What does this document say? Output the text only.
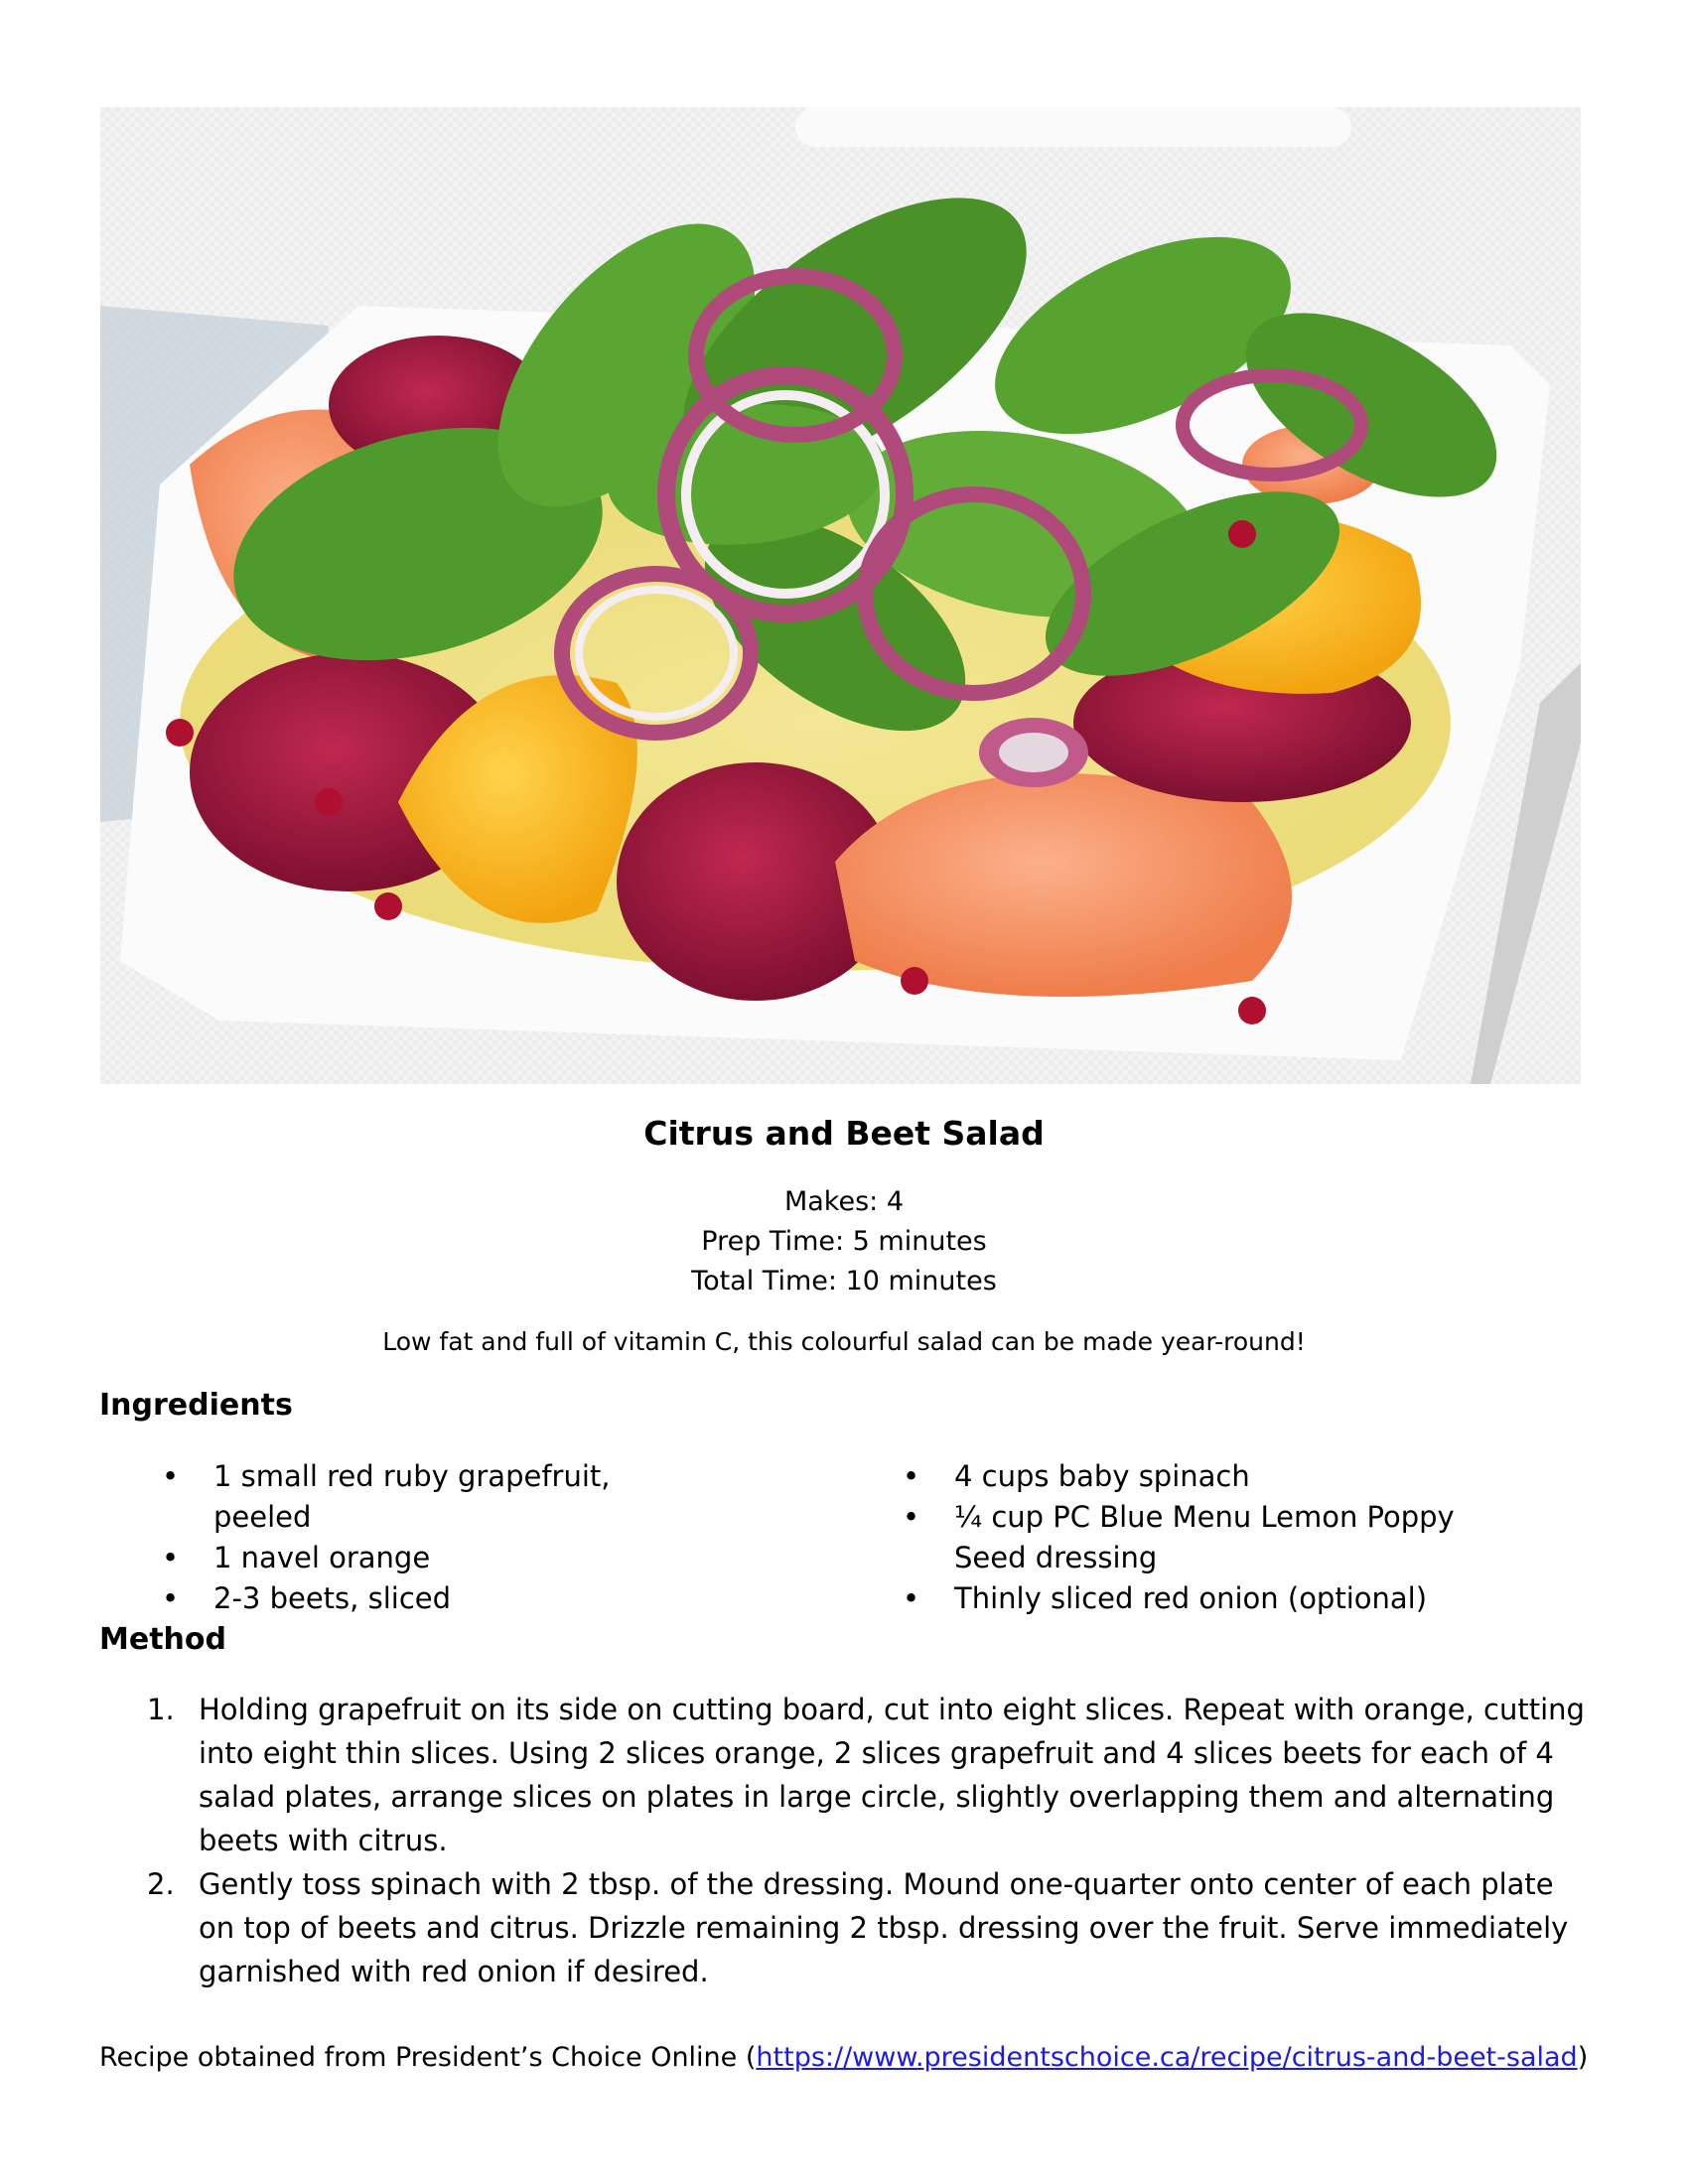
Citrus and Beet Salad
Makes: 4
Prep Time: 5 minutes
Total Time: 10 minutes
Low fat and full of vitamin C, this colourful salad can be made year-round!
Ingredients
• 1 small red ruby grapefruit, peeled
• 1 navel orange
• 2-3 beets, sliced
• 4 cups baby spinach
• ¼ cup PC Blue Menu Lemon Poppy Seed dressing
• Thinly sliced red onion (optional)
Method
1. Holding grapefruit on its side on cutting board, cut into eight slices. Repeat with orange, cutting into eight thin slices. Using 2 slices orange, 2 slices grapefruit and 4 slices beets for each of 4 salad plates, arrange slices on plates in large circle, slightly overlapping them and alternating beets with citrus.
2. Gently toss spinach with 2 tbsp. of the dressing. Mound one-quarter onto center of each plate on top of beets and citrus. Drizzle remaining 2 tbsp. dressing over the fruit. Serve immediately garnished with red onion if desired.
Recipe obtained from President’s Choice Online (https://www.presidentschoice.ca/recipe/citrus-and-beet-salad)
